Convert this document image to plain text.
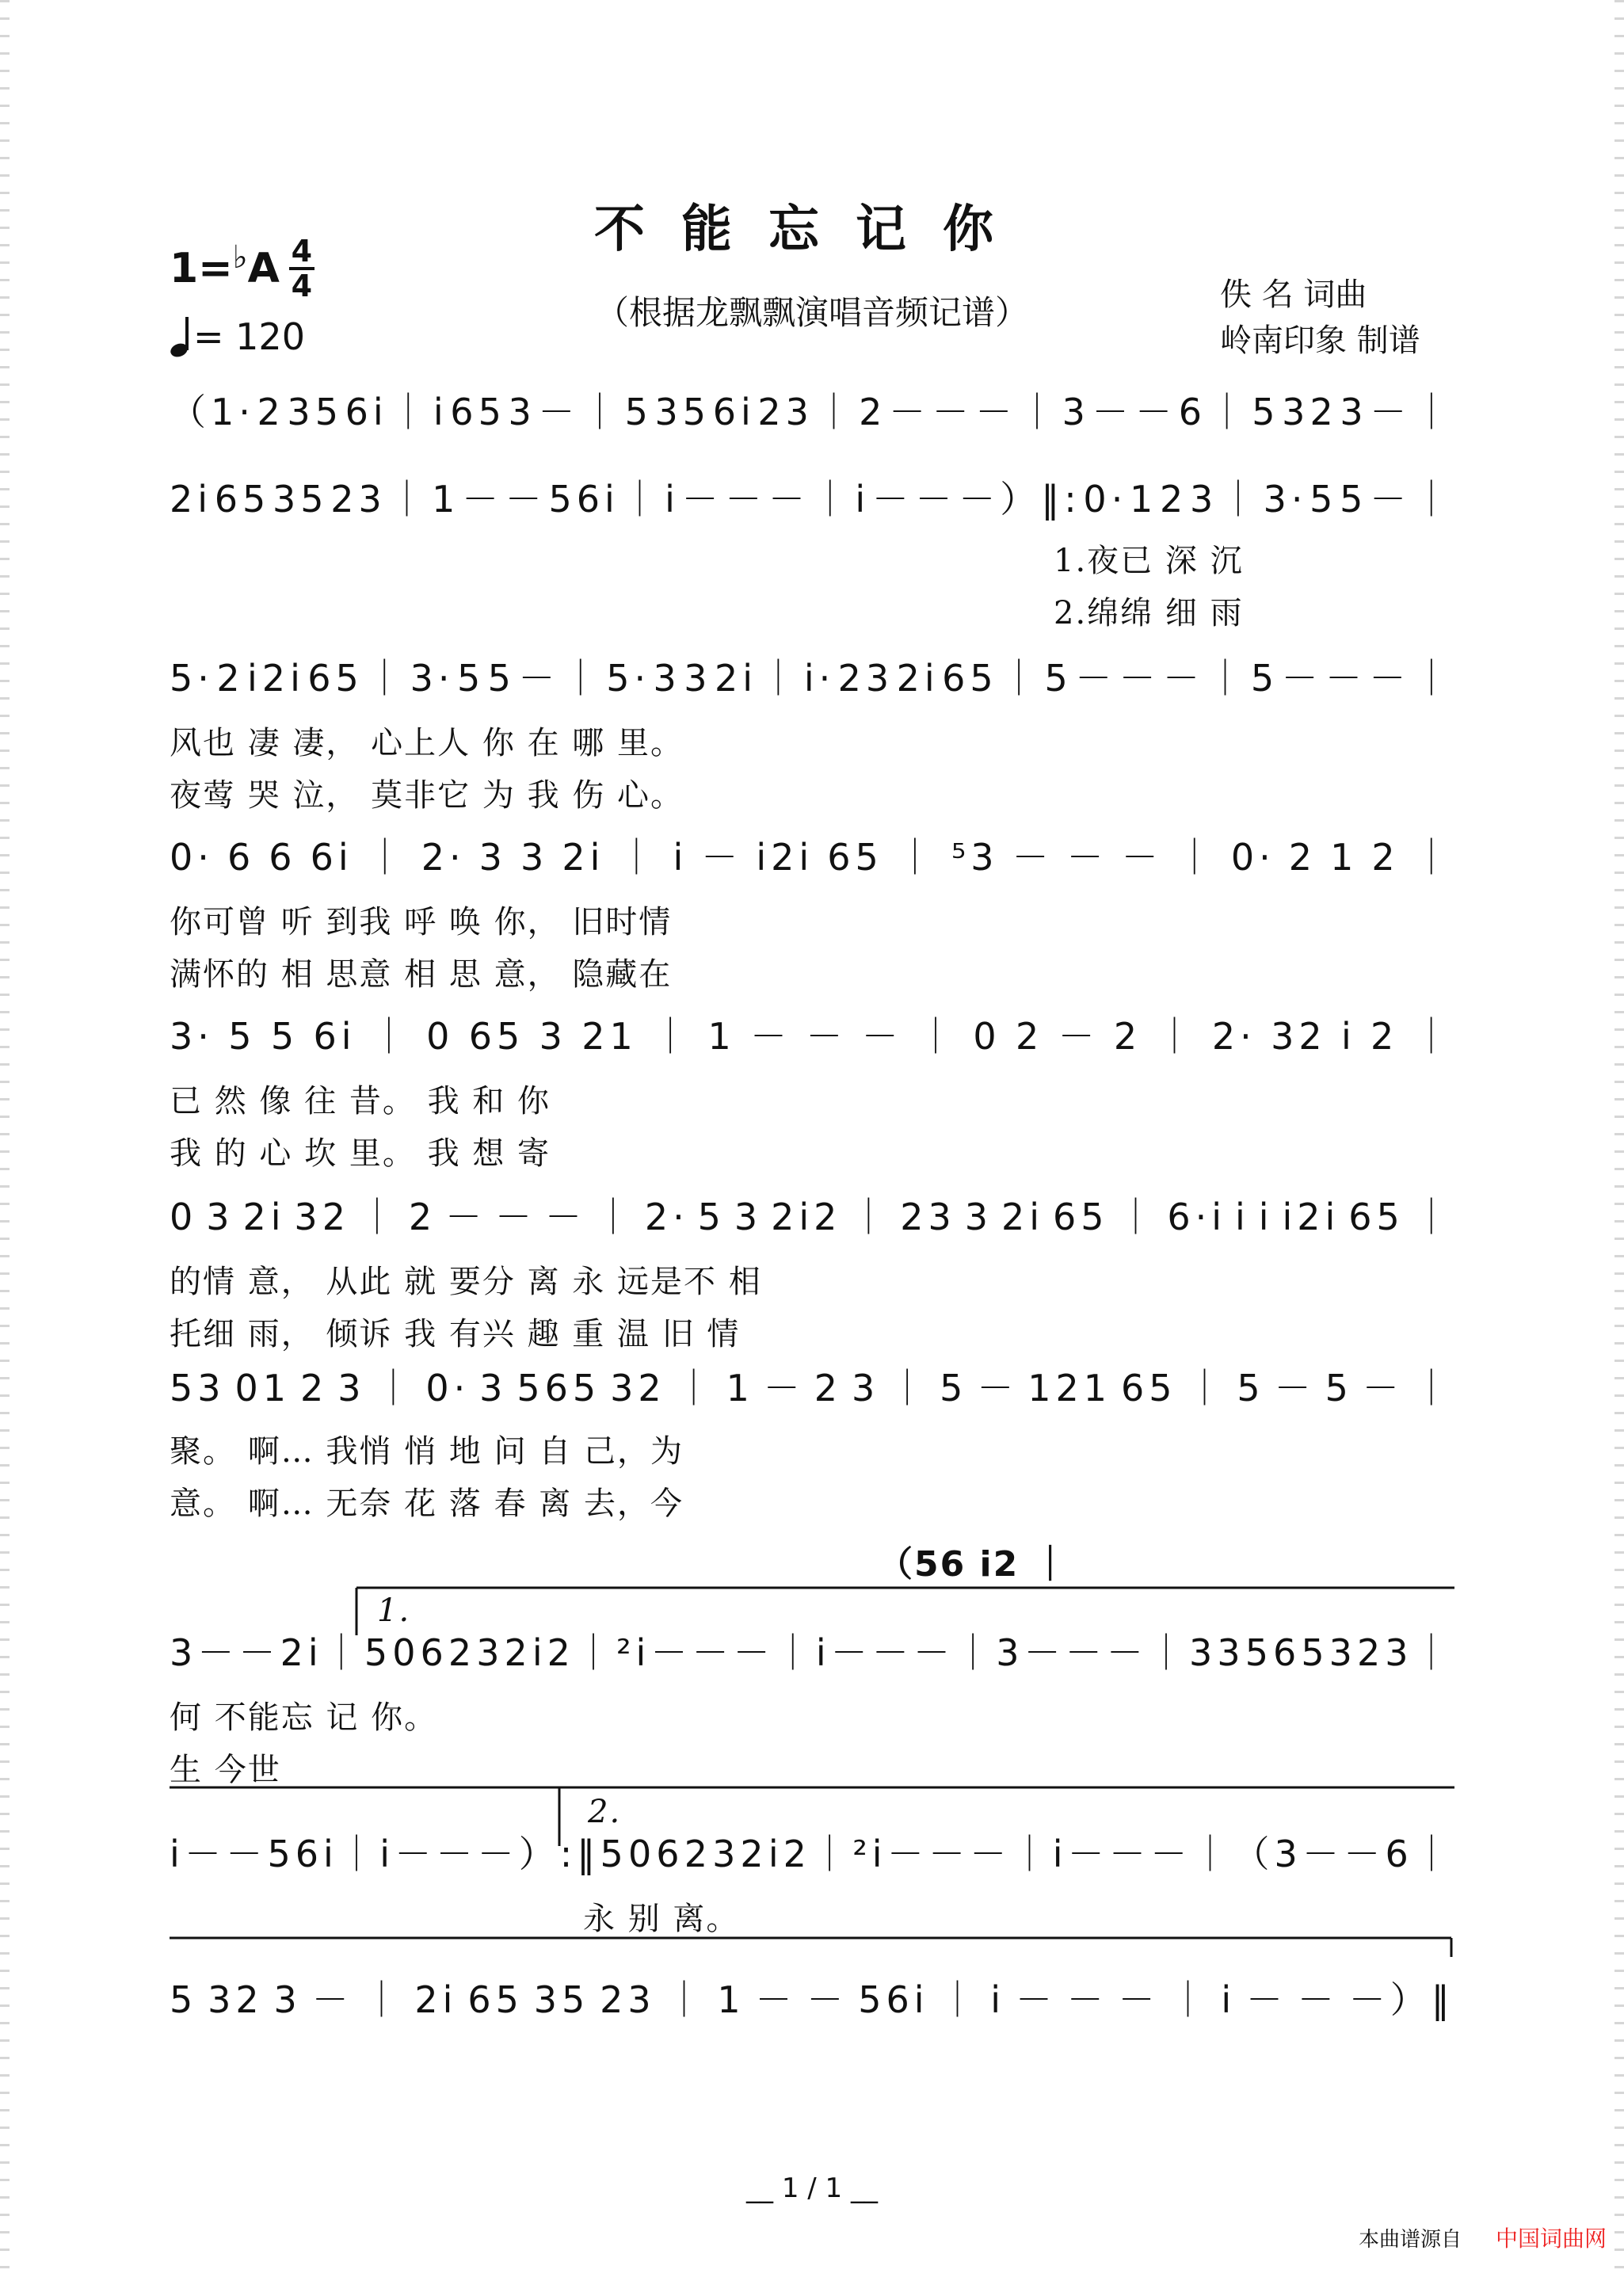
不能忘记你
（根据龙飘飘演唱音频记谱）
1= ♭ A $\frac{4}{4}$
= 120
佚 名 词曲
岭南印象 制谱
（1· 2 35 6i ｜ i 65 3 － ｜ 5 35 6i 23 ｜ 2 － － － ｜ 3 － － 6 ｜ 5 32 3 － ｜
2i 65 35 23 ｜ 1 － － 56i ｜ i － － － ｜ i － － －）‖: 0· 1 2 3 ｜ 3· 5 5 － ｜
1.夜已 深 沉
2.绵绵 细 雨
5· 2 i2i 65 ｜ 3· 5 5 － ｜ 5· 3 3 2i ｜ i· 23 2i 65 ｜ 5 － － － ｜ 5 － － － ｜
风也 凄 凄， 心上人 你 在 哪 里。
夜莺 哭 泣， 莫非它 为 我 伤 心。
0· 6 6 6i ｜ 2· 3 3 2i ｜ i － i2i 65 ｜ ⁵3 － － － ｜ 0· 2 1 2 ｜
你可曾 听 到我 呼 唤 你， 旧时情
满怀的 相 思意 相 思 意， 隐藏在
3· 5 5 6i ｜ 0 65 3 21 ｜ 1 － － － ｜ 0 2 － 2 ｜ 2· 32 i 2 ｜
已 然 像 往 昔。 我 和 你
我 的 心 坎 里。 我 想 寄
0 3 2i 32 ｜ 2 － － － ｜ 2· 5 3 2i2 ｜ 23 3 2i 65 ｜ 6·i i i i2i 65 ｜
的情 意， 从此 就 要分 离 永 远是不 相
托细 雨， 倾诉 我 有兴 趣 重 温 旧 情
53 01 2 3 ｜ 0· 3 565 32 ｜ 1 － 2 3 ｜ 5 － 121 65 ｜ 5 － 5 － ｜
聚。 啊… 我悄 悄 地 问 自 己，为
意。 啊… 无奈 花 落 春 离 去，今
（56 i2 ｜
1.
3 － － 2i ｜ 5 06 232 i2 ｜ ²i － － － ｜ i － － － ｜ 3 － － － ｜ 33 56 53 23 ｜
何 不能忘 记 你。
生 今世
2.
i － － 56i ｜ i － － －）:‖ 5 06 232 i2 ｜ ²i － － － ｜ i － － － ｜（3 － － 6 ｜
永 别 离。
5 32 3 － ｜ 2i 65 35 23 ｜ 1 － － 56i ｜ i － － － ｜ i － － －）‖
__ 1 / 1 __
本曲谱源自 中国词曲网
